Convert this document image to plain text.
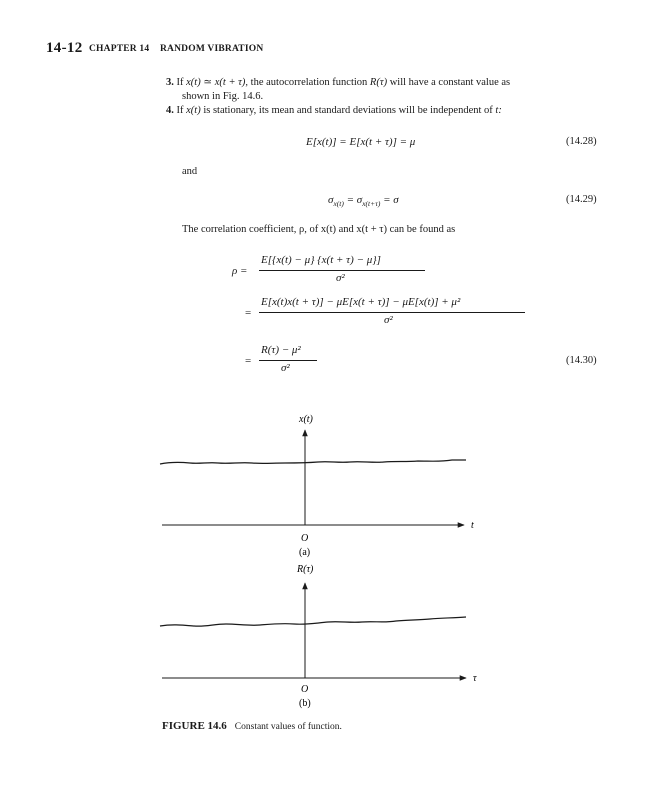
14-12 CHAPTER 14 RANDOM VIBRATION
3. If x(t) ≃ x(t + τ), the autocorrelation function R(τ) will have a constant value as
shown in Fig. 14.6.
4. If x(t) is stationary, its mean and standard deviations will be independent of t:
E[x(t)] = E[x(t + τ)] = μ	(14.28)
and
$\sigma_{x(t)} = \sigma_{x(t+\tau)} = \sigma$	(14.29)
The correlation coefficient, ρ, of x(t) and x(t + τ) can be found as
ρ =
E[{x(t) − μ} {x(t + τ) − μ}]
σ²
=
E[x(t)x(t + τ)] − μE[x(t + τ)] − μE[x(t)] + μ²
σ²
=
R(τ) − μ²
σ²
(14.30)
x(t)
t
O
(a)
R(τ)
τ
O
(b)
FIGURE 14.6 Constant values of function.
